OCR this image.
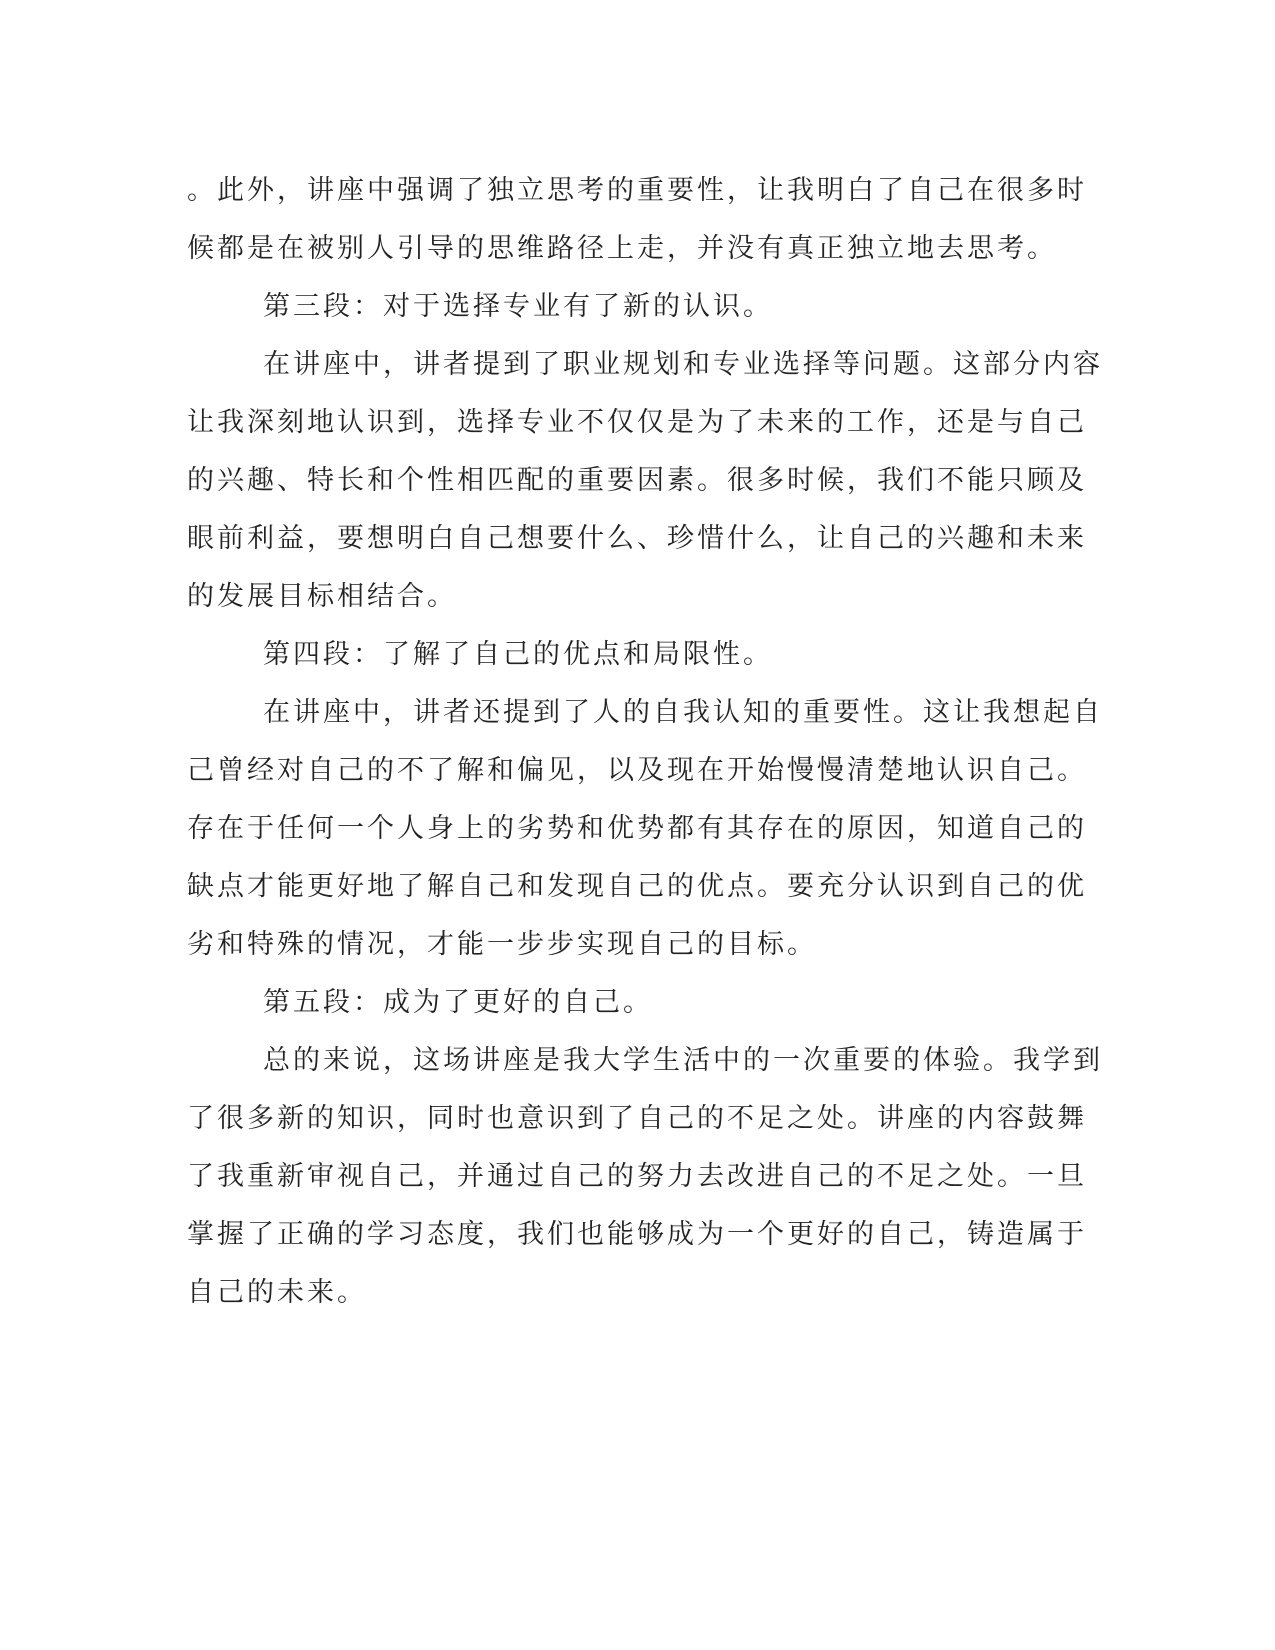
。此外，讲座中强调了独立思考的重要性，让我明白了自己在很多时
候都是在被别人引导的思维路径上走，并没有真正独立地去思考。
第三段：对于选择专业有了新的认识。
在讲座中，讲者提到了职业规划和专业选择等问题。这部分内容
让我深刻地认识到，选择专业不仅仅是为了未来的工作，还是与自己
的兴趣、特长和个性相匹配的重要因素。很多时候，我们不能只顾及
眼前利益，要想明白自己想要什么、珍惜什么，让自己的兴趣和未来
的发展目标相结合。
第四段：了解了自己的优点和局限性。
在讲座中，讲者还提到了人的自我认知的重要性。这让我想起自
己曾经对自己的不了解和偏见，以及现在开始慢慢清楚地认识自己。
存在于任何一个人身上的劣势和优势都有其存在的原因，知道自己的
缺点才能更好地了解自己和发现自己的优点。要充分认识到自己的优
劣和特殊的情况，才能一步步实现自己的目标。
第五段：成为了更好的自己。
总的来说，这场讲座是我大学生活中的一次重要的体验。我学到
了很多新的知识，同时也意识到了自己的不足之处。讲座的内容鼓舞
了我重新审视自己，并通过自己的努力去改进自己的不足之处。一旦
掌握了正确的学习态度，我们也能够成为一个更好的自己，铸造属于
自己的未来。
